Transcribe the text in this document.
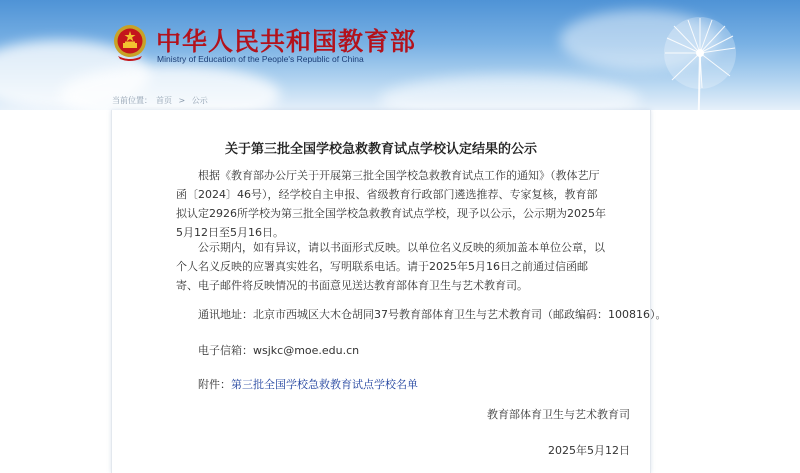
中华人民共和国教育部
Ministry of Education of the People's Republic of China
当前位置： 首页 > 公示
关于第三批全国学校急救教育试点学校认定结果的公示
根据《教育部办公厅关于开展第三批全国学校急救教育试点工作的通知》（教体艺厅函〔2024〕46号），经学校自主申报、省级教育行政部门遴选推荐、专家复核，教育部拟认定2926所学校为第三批全国学校急救教育试点学校，现予以公示，公示期为2025年5月12日至5月16日。
公示期内，如有异议，请以书面形式反映。以单位名义反映的须加盖本单位公章，以个人名义反映的应署真实姓名，写明联系电话。请于2025年5月16日之前通过信函邮寄、电子邮件将反映情况的书面意见送达教育部体育卫生与艺术教育司。
通讯地址：北京市西城区大木仓胡同37号教育部体育卫生与艺术教育司（邮政编码：100816）。
电子信箱：wsjkc@moe.edu.cn
附件：第三批全国学校急救教育试点学校名单
教育部体育卫生与艺术教育司
2025年5月12日
